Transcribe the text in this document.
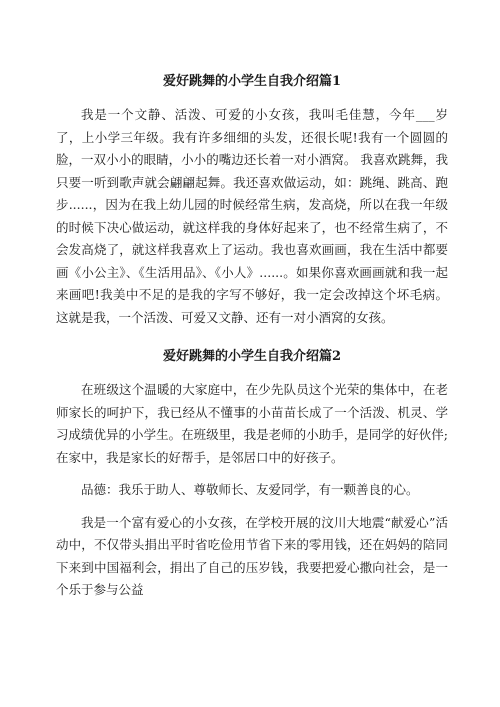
爱好跳舞的小学生自我介绍篇1

我是一个文静、活泼、可爱的小女孩，我叫毛佳慧，今年___岁了，上小学三年级。我有许多细细的头发，还很长呢!我有一个圆圆的脸，一双小小的眼睛，小小的嘴边还长着一对小酒窝。 我喜欢跳舞，我只要一听到歌声就会翩翩起舞。我还喜欢做运动，如：跳绳、跳高、跑步......，因为在我上幼儿园的时候经常生病，发高烧，所以在我一年级的时候下决心做运动，就这样我的身体好起来了，也不经常生病了，不会发高烧了，就这样我喜欢上了运动。我也喜欢画画，我在生活中都要画《小公主》、《生活用品》、《小人》......。如果你喜欢画画就和我一起来画吧!我美中不足的是我的字写不够好，我一定会改掉这个坏毛病。 这就是我，一个活泼、可爱又文静、还有一对小酒窝的女孩。

爱好跳舞的小学生自我介绍篇2

在班级这个温暖的大家庭中，在少先队员这个光荣的集体中，在老师家长的呵护下，我已经从不懂事的小苗苗长成了一个活泼、机灵、学习成绩优异的小学生。在班级里，我是老师的小助手，是同学的好伙伴;在家中，我是家长的好帮手，是邻居口中的好孩子。

品德：我乐于助人、尊敬师长、友爱同学，有一颗善良的心。

我是一个富有爱心的小女孩，在学校开展的汶川大地震“献爱心”活动中，不仅带头捐出平时省吃俭用节省下来的零用钱，还在妈妈的陪同下来到中国福利会，捐出了自己的压岁钱，我要把爱心撒向社会，是一个乐于参与公益
